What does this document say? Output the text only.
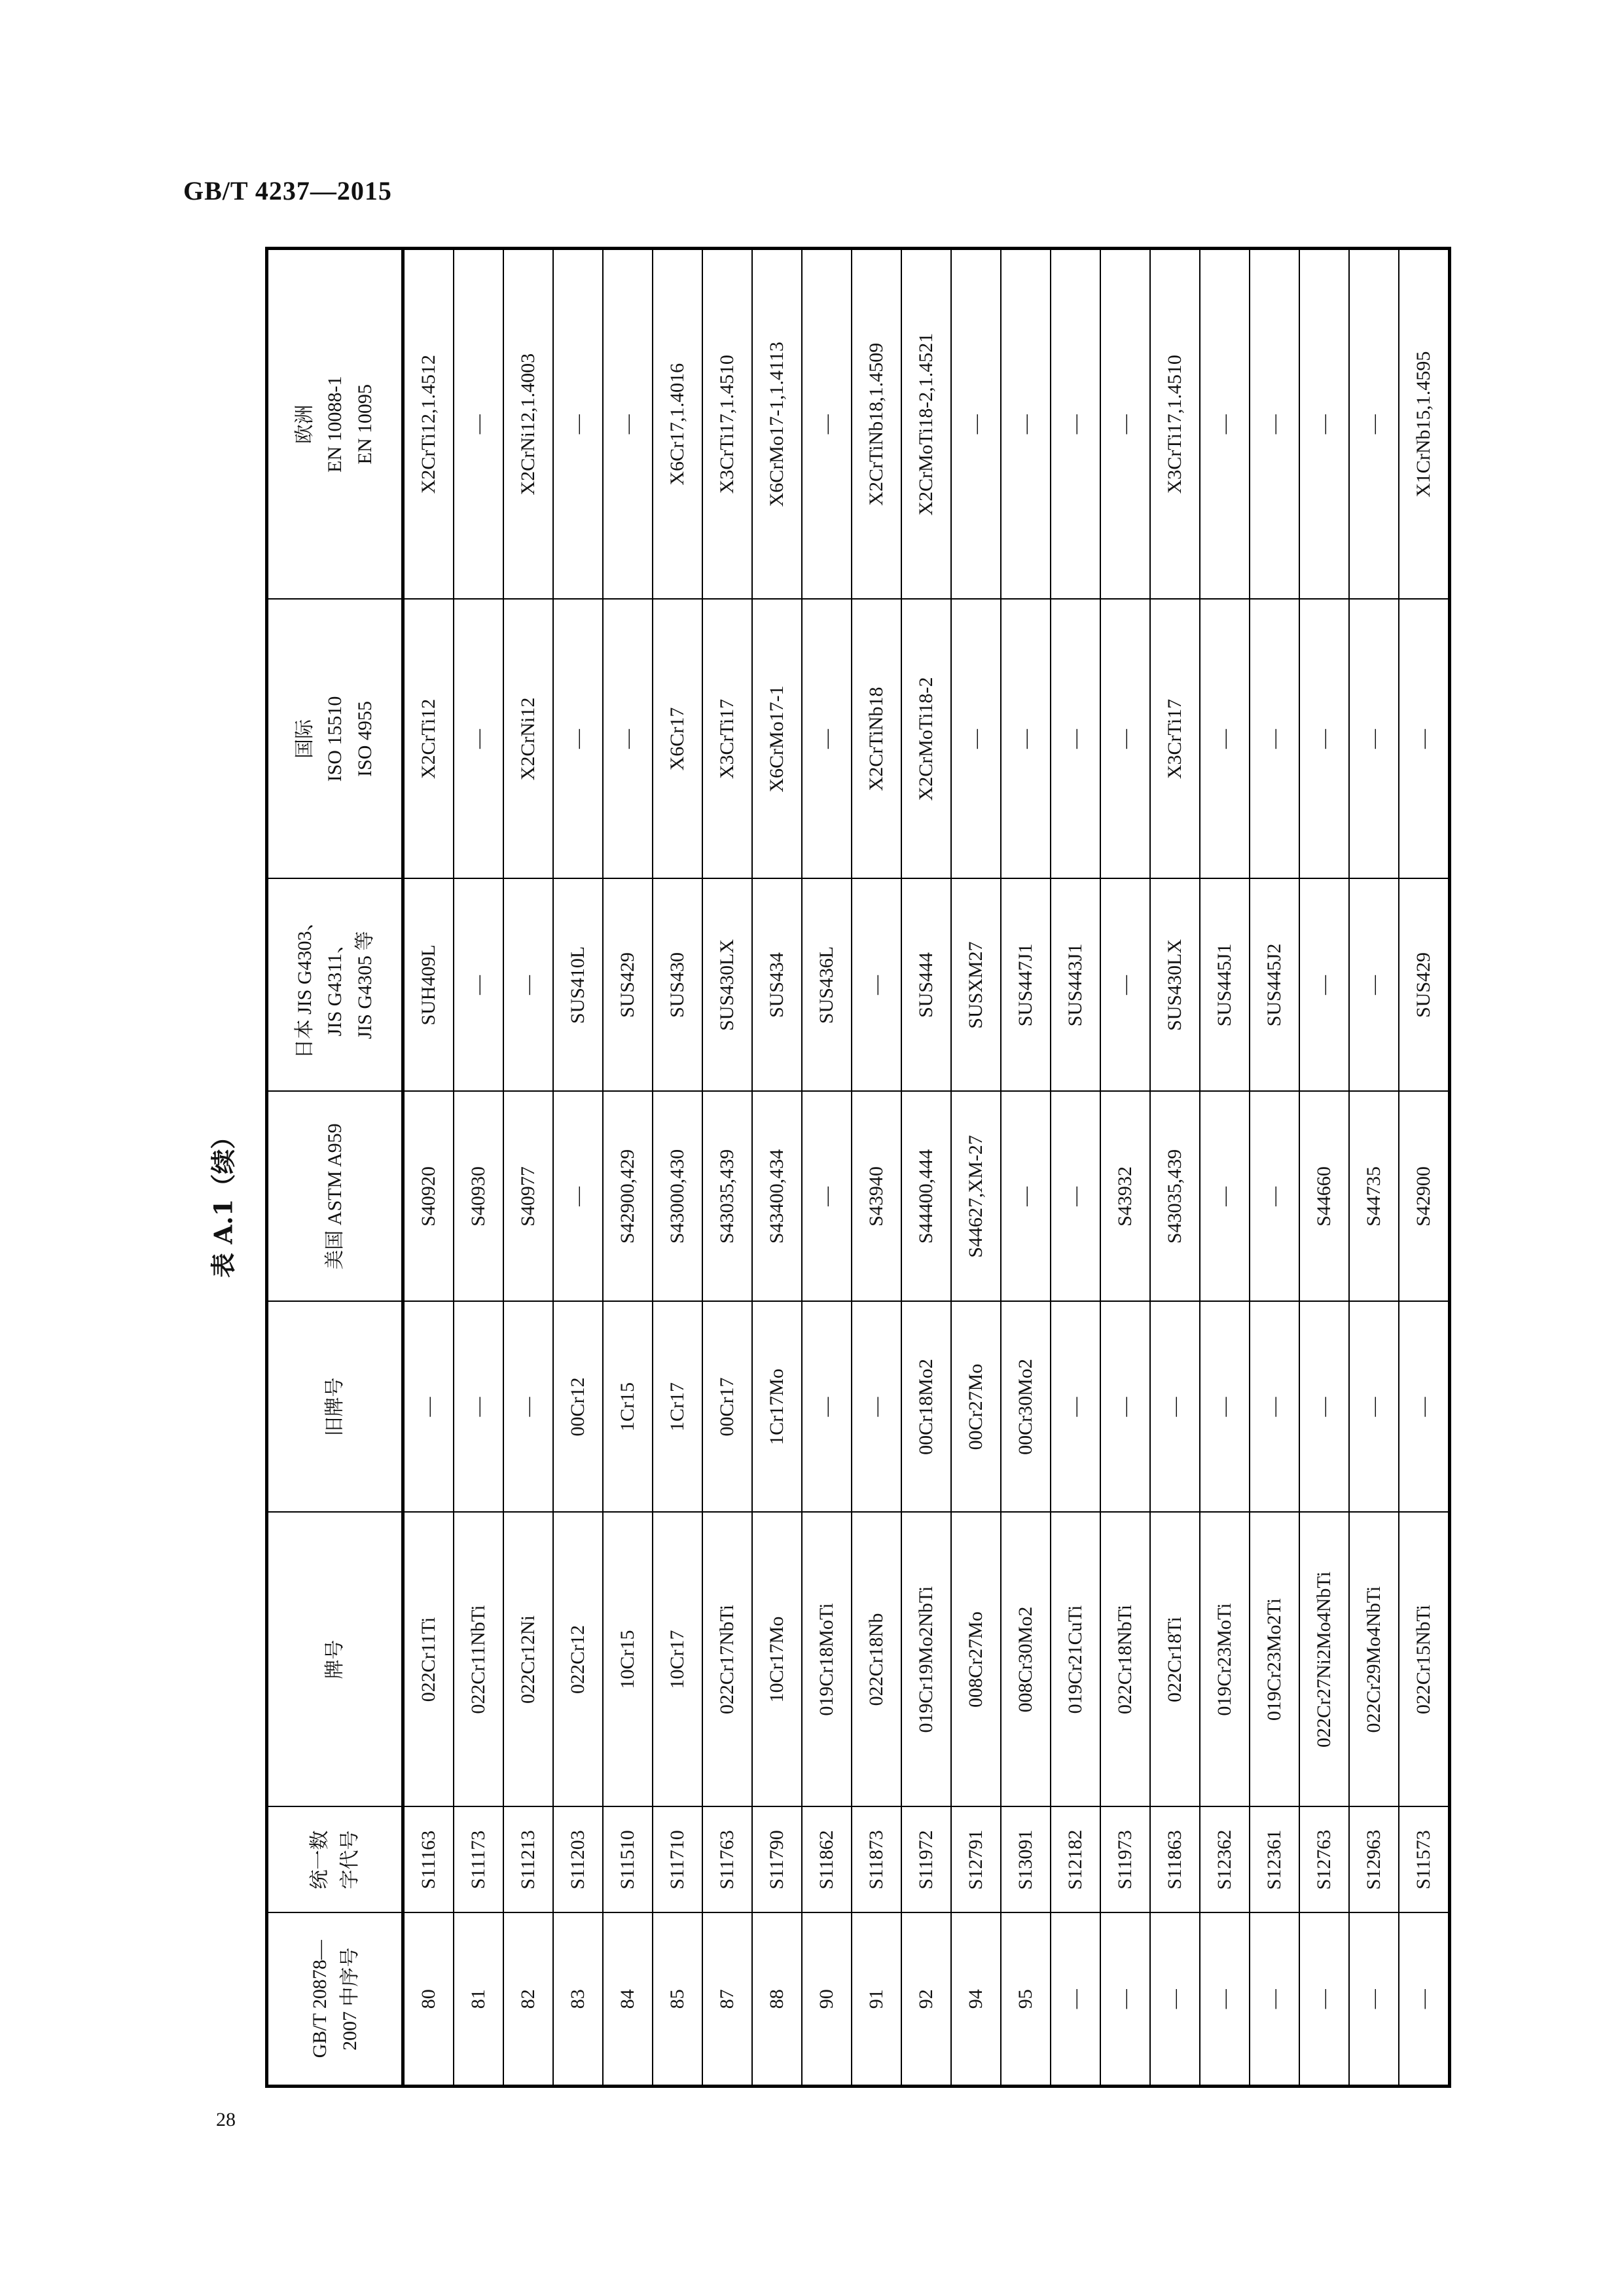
GB/T 4237—2015
表 A.1（续）
GB/T 20878— 2007 中序号	统一数 字代号	牌号	旧牌号	美国 ASTM A959	日本 JIS G4303、 JIS G4311、 JIS G4305 等	国际 ISO 15510 ISO 4955	欧洲 EN 10088-1 EN 10095
80	S11163	022Cr11Ti	—	S40920	SUH409L	X2CrTi12	X2CrTi12,1.4512
81	S11173	022Cr11NbTi	—	S40930	—	—	—
82	S11213	022Cr12Ni	—	S40977	—	X2CrNi12	X2CrNi12,1.4003
83	S11203	022Cr12	00Cr12	—	SUS410L	—	—
84	S11510	10Cr15	1Cr15	S42900,429	SUS429	—	—
85	S11710	10Cr17	1Cr17	S43000,430	SUS430	X6Cr17	X6Cr17,1.4016
87	S11763	022Cr17NbTi	00Cr17	S43035,439	SUS430LX	X3CrTi17	X3CrTi17,1.4510
88	S11790	10Cr17Mo	1Cr17Mo	S43400,434	SUS434	X6CrMo17-1	X6CrMo17-1,1.4113
90	S11862	019Cr18MoTi	—	—	SUS436L	—	—
91	S11873	022Cr18Nb	—	S43940	—	X2CrTiNb18	X2CrTiNb18,1.4509
92	S11972	019Cr19Mo2NbTi	00Cr18Mo2	S44400,444	SUS444	X2CrMoTi18-2	X2CrMoTi18-2,1.4521
94	S12791	008Cr27Mo	00Cr27Mo	S44627,XM-27	SUSXM27	—	—
95	S13091	008Cr30Mo2	00Cr30Mo2	—	SUS447J1	—	—
—	S12182	019Cr21CuTi	—	—	SUS443J1	—	—
—	S11973	022Cr18NbTi	—	S43932	—	—	—
—	S11863	022Cr18Ti	—	S43035,439	SUS430LX	X3CrTi17	X3CrTi17,1.4510
—	S12362	019Cr23MoTi	—	—	SUS445J1	—	—
—	S12361	019Cr23Mo2Ti	—	—	SUS445J2	—	—
—	S12763	022Cr27Ni2Mo4NbTi	—	S44660	—	—	—
—	S12963	022Cr29Mo4NbTi	—	S44735	—	—	—
—	S11573	022Cr15NbTi	—	S42900	SUS429	—	X1CrNb15,1.4595
28
